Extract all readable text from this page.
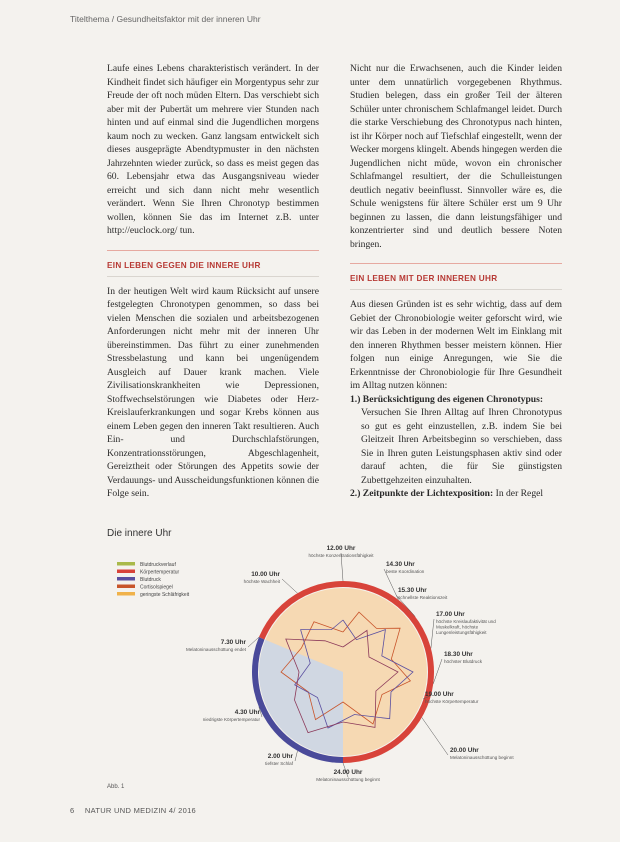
Titelthema / Gesundheitsfaktor mit der inneren Uhr

Laufe eines Lebens charakteristisch verändert. In der Kindheit findet sich häufiger ein Morgentypus sehr zur Freude der oft noch müden Eltern. Das verschiebt sich aber mit der Pubertät um mehrere vier Stunden nach hinten und auf einmal sind die Jugendlichen morgens kaum noch zu wecken. Ganz langsam entwickelt sich dieses ausgeprägte Abendtypmuster in den nächsten Jahrzehnten wieder zurück, so dass es meist gegen das 60. Lebensjahr etwa das Ausgangsniveau wieder erreicht und sich dann nicht mehr wesentlich verändert. Wenn Sie Ihren Chronotyp bestimmen wollen, können Sie das im Internet z.B. unter http://euclock.org/ tun.

EIN LEBEN GEGEN DIE INNERE UHR

In der heutigen Welt wird kaum Rücksicht auf unsere festgelegten Chronotypen genommen, so dass bei vielen Menschen die sozialen und arbeitsbezogenen Anforderungen nicht mehr mit der inneren Uhr übereinstimmen. Das führt zu einer zunehmenden Stressbelastung und kann bei ungenügendem Ausgleich auf Dauer krank machen. Viele Zivilisationskrankheiten wie Depressionen, Stoffwechselstörungen wie Diabetes oder Herz-Kreislauferkrankungen und sogar Krebs können aus einem Leben gegen den inneren Takt resultieren. Auch Ein- und Durchschlafstörungen, Konzentrationsstörungen, Abgeschlagenheit, Gereiztheit oder Störungen des Appetits sowie der Verdauungs- und Ausscheidungsfunktionen können die Folge sein.

Nicht nur die Erwachsenen, auch die Kinder leiden unter dem unnatürlich vorgegebenen Rhythmus. Studien belegen, dass ein großer Teil der älteren Schüler unter chronischem Schlafmangel leidet. Durch die starke Verschiebung des Chronotypus nach hinten, ist ihr Körper noch auf Tiefschlaf eingestellt, wenn der Wecker morgens klingelt. Abends hingegen werden die Jugendlichen nicht müde, wovon ein chronischer Schlafmangel resultiert, der die Schulleistungen deutlich negativ beeinflusst. Sinnvoller wäre es, die Schule wenigstens für ältere Schüler erst um 9 Uhr beginnen zu lassen, die dann leistungsfähiger und konzentrierter sind und deutlich bessere Noten bringen.

EIN LEBEN MIT DER INNEREN UHR

Aus diesen Gründen ist es sehr wichtig, dass auf dem Gebiet der Chronobiologie weiter geforscht wird, wie wir das Leben in der modernen Welt im Einklang mit den inneren Rhythmen besser meistern können. Hier folgen nun einige Anregungen, wie Sie die Erkenntnisse der Chronobiologie für Ihre Gesundheit im Alltag nutzen können:

1.) Berücksichtigung des eigenen Chronotypus:
Versuchen Sie Ihren Alltag auf Ihren Chronotypus so gut es geht einzustellen, z.B. indem Sie bei Gleitzeit Ihren Arbeitsbeginn so verschieben, dass Sie in Ihren guten Leistungsphasen aktiv sind oder darauf achten, die für Sie günstigsten Zubettgehzeiten einzuhalten.
2.) Zeitpunkte der Lichtexposition: In der Regel
Die innere Uhr
Blutdruckverlauf
Körpertemperatur
Blutdruck
Cortisolspiegel
geringste Schläfrigkeit
12.00 Uhr
höchste Konzentrationsfähigkeit
10.00 Uhr
höchste Wachheit
14.30 Uhr
beste Koordination
15.30 Uhr
schnellste Reaktionszeit
17.00 Uhr
höchste Kreislaufaktivität und
Muskelkraft, höchste
Lungenleistungsfähigkeit
18.30 Uhr
höchster Blutdruck
7.30 Uhr
Melatoninausschüttung endet
4.30 Uhr
niedrigste Körpertemperatur
19.00 Uhr
höchste Körpertemperatur
2.00 Uhr
tiefster Schlaf
20.00 Uhr
Melatoninausschüttung beginnt
24.00 Uhr
Melatoninausschüttung beginnt
Abb. 1
6 NATUR UND MEDIZIN 4/ 2016
